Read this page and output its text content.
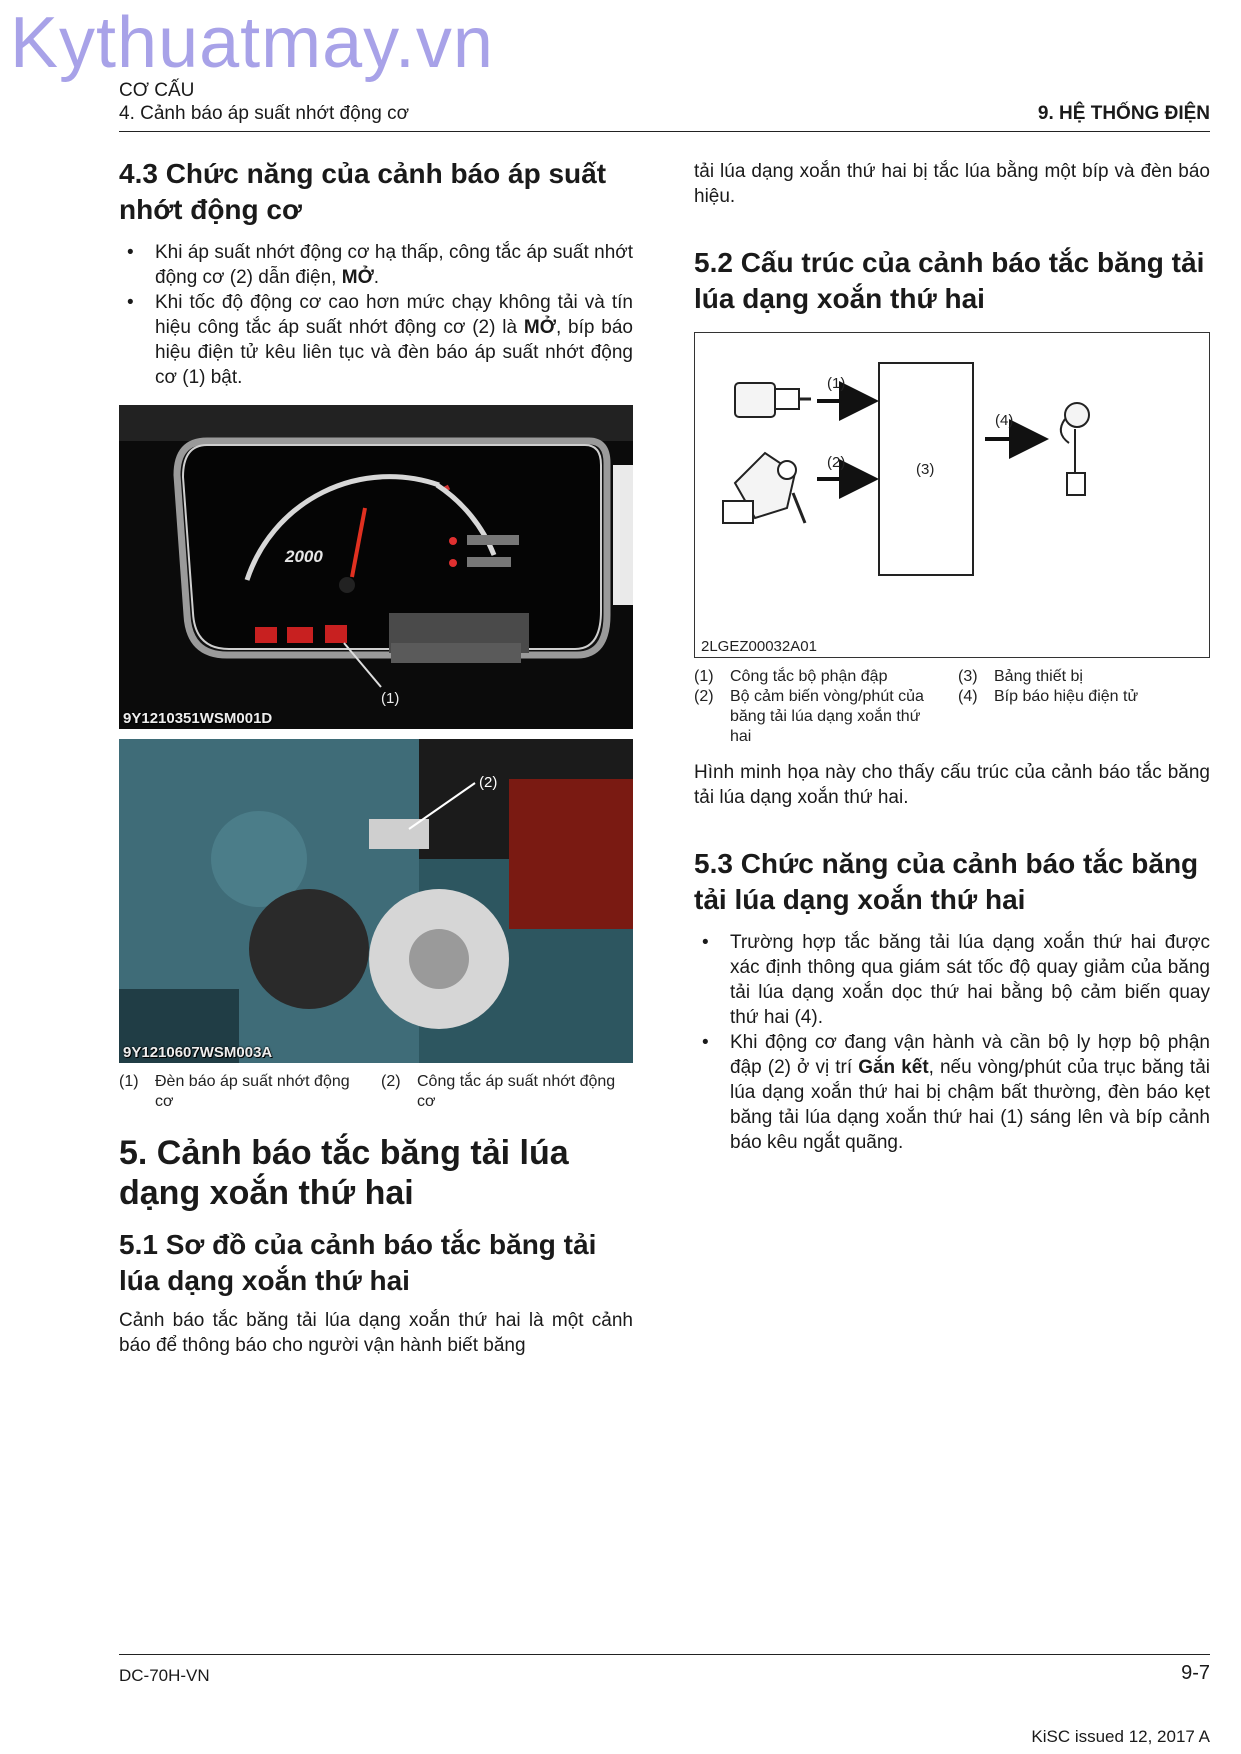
Kythuatmay.vn
CƠ CẤU
4. Cảnh báo áp suất nhớt động cơ	9. HỆ THỐNG ĐIỆN
4.3 Chức năng của cảnh báo áp suất nhớt động cơ
• Khi áp suất nhớt động cơ hạ thấp, công tắc áp suất nhớt động cơ (2) dẫn điện, MỞ.
• Khi tốc độ động cơ cao hơn mức chạy không tải và tín hiệu công tắc áp suất nhớt động cơ (2) là MỞ, bíp báo hiệu điện tử kêu liên tục và đèn báo áp suất nhớt động cơ (1) bật.
2000
(1)
9Y1210351WSM001D
(2)
9Y1210607WSM003A
(1) Đèn báo áp suất nhớt động cơ
(2) Công tắc áp suất nhớt động cơ
5. Cảnh báo tắc băng tải lúa dạng xoắn thứ hai
5.1 Sơ đồ của cảnh báo tắc băng tải lúa dạng xoắn thứ hai
Cảnh báo tắc băng tải lúa dạng xoắn thứ hai là một cảnh báo để thông báo cho người vận hành biết băng
tải lúa dạng xoắn thứ hai bị tắc lúa bằng một bíp và đèn báo hiệu.
5.2 Cấu trúc của cảnh báo tắc băng tải lúa dạng xoắn thứ hai
(1)
(2)	(3)
(4)
2LGEZ00032A01
(1) Công tắc bộ phận đập
(2) Bộ cảm biến vòng/phút của băng tải lúa dạng xoắn thứ hai
(3) Bảng thiết bị
(4) Bíp báo hiệu điện tử
Hình minh họa này cho thấy cấu trúc của cảnh báo tắc băng tải lúa dạng xoắn thứ hai.
5.3 Chức năng của cảnh báo tắc băng tải lúa dạng xoắn thứ hai
• Trường hợp tắc băng tải lúa dạng xoắn thứ hai được xác định thông qua giám sát tốc độ quay giảm của băng tải lúa dạng xoắn dọc thứ hai bằng bộ cảm biến quay thứ hai (4).
• Khi động cơ đang vận hành và cần bộ ly hợp bộ phận đập (2) ở vị trí Gắn kết, nếu vòng/phút của trục băng tải lúa dạng xoắn thứ hai bị chậm bất thường, đèn báo kẹt băng tải lúa dạng xoắn thứ hai (1) sáng lên và bíp cảnh báo kêu ngắt quãng.
DC-70H-VN	9-7
KiSC issued 12, 2017 A
